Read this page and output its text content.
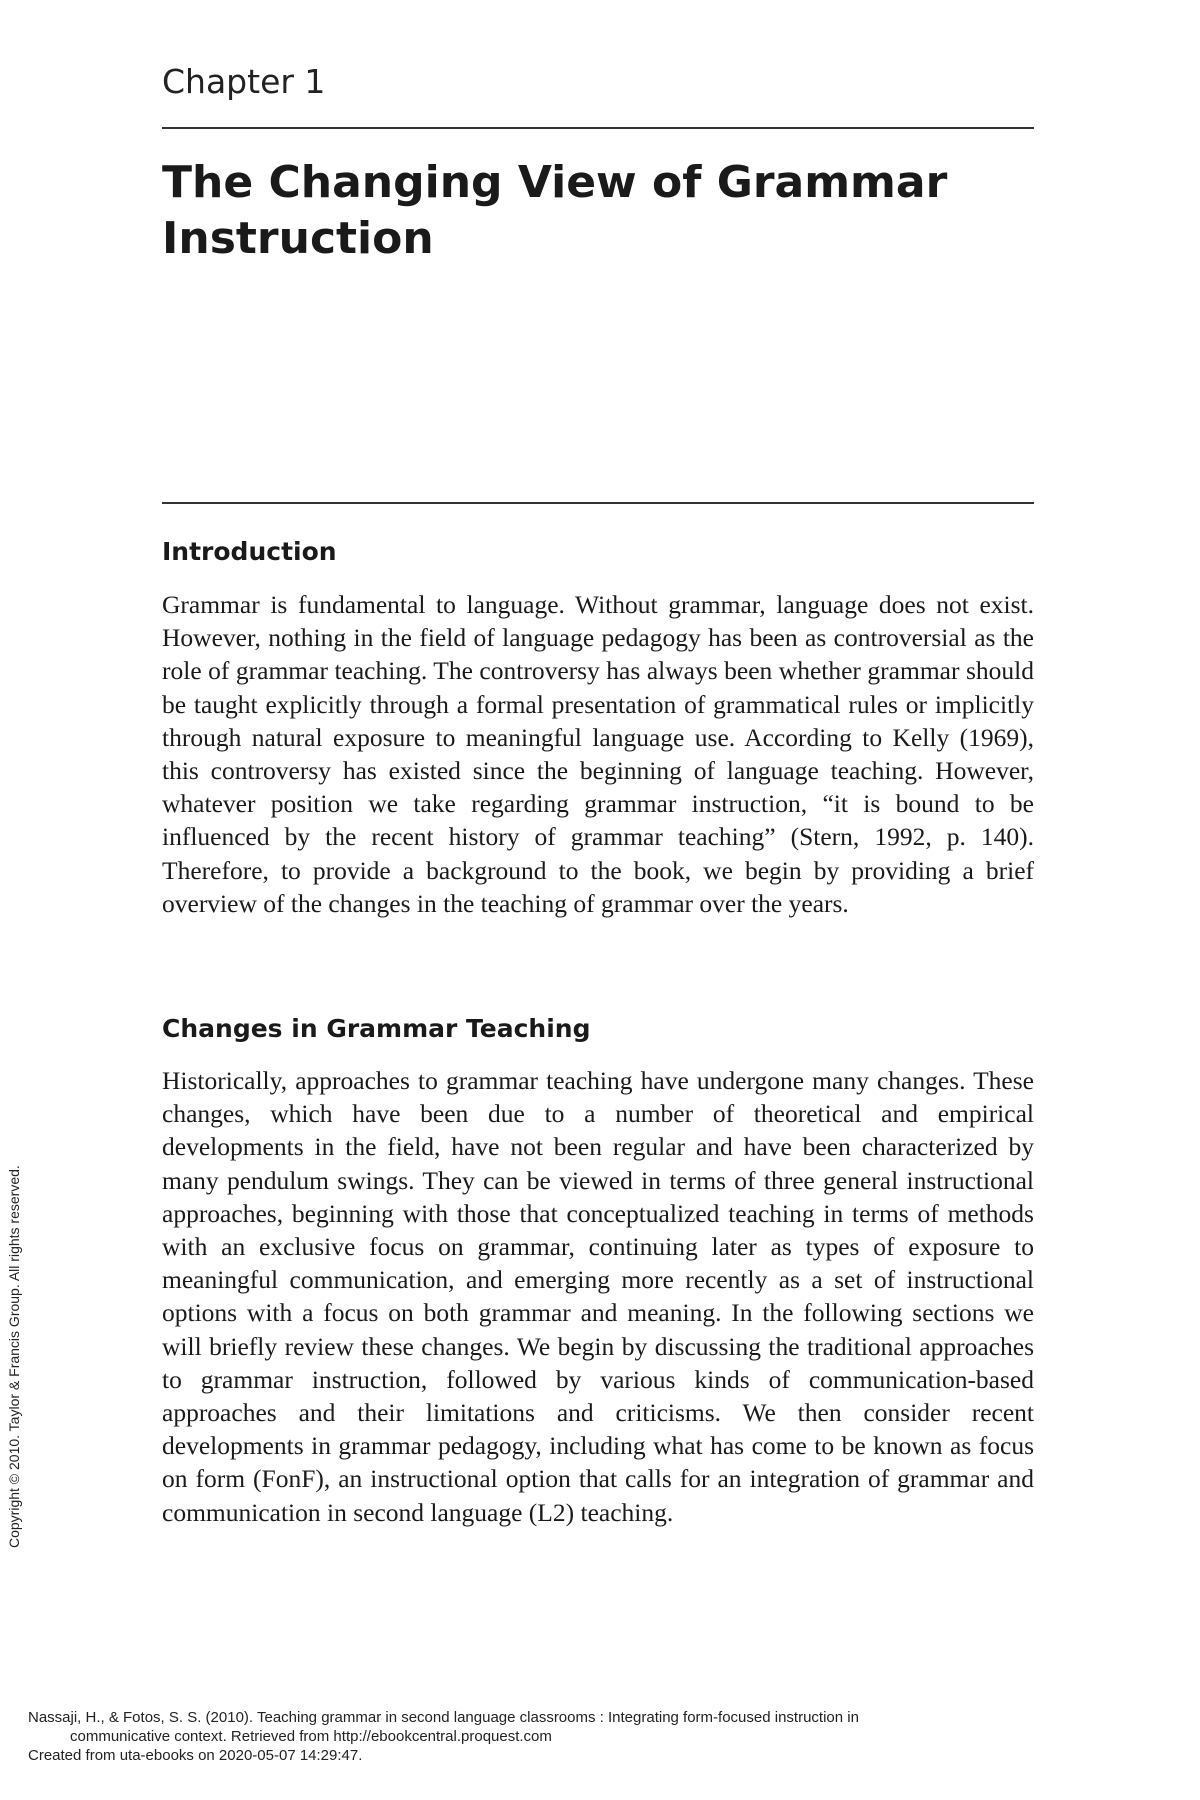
Chapter 1
The Changing View of Grammar Instruction
Introduction

Grammar is fundamental to language. Without grammar, language does not exist. However, nothing in the field of language pedagogy has been as controversial as the role of grammar teaching. The controversy has always been whether grammar should be taught explicitly through a formal presentation of grammatical rules or implicitly through natural exposure to meaningful language use. According to Kelly (1969), this controversy has existed since the beginning of language teaching. However, whatever position we take regarding grammar instruction, “it is bound to be influenced by the recent history of grammar teaching” (Stern, 1992, p. 140). Therefore, to provide a background to the book, we begin by providing a brief overview of the changes in the teaching of grammar over the years.

Changes in Grammar Teaching

Historically, approaches to grammar teaching have undergone many changes. These changes, which have been due to a number of theoretical and empirical developments in the field, have not been regular and have been characterized by many pendulum swings. They can be viewed in terms of three general instructional approaches, beginning with those that conceptualized teaching in terms of methods with an exclusive focus on grammar, continuing later as types of exposure to meaningful communication, and emerging more recently as a set of instructional options with a focus on both grammar and meaning. In the following sections we will briefly review these changes. We begin by discussing the traditional approaches to grammar instruction, followed by various kinds of communication-based approaches and their limitations and criticisms. We then consider recent developments in grammar pedagogy, including what has come to be known as focus on form (FonF), an instructional option that calls for an integration of grammar and communication in second language (L2) teaching.

Copyright © 2010. Taylor & Francis Group. All rights reserved.
Nassaji, H., & Fotos, S. S. (2010). Teaching grammar in second language classrooms : Integrating form-focused instruction in
communicative context. Retrieved from http://ebookcentral.proquest.com
Created from uta-ebooks on 2020-05-07 14:29:47.
